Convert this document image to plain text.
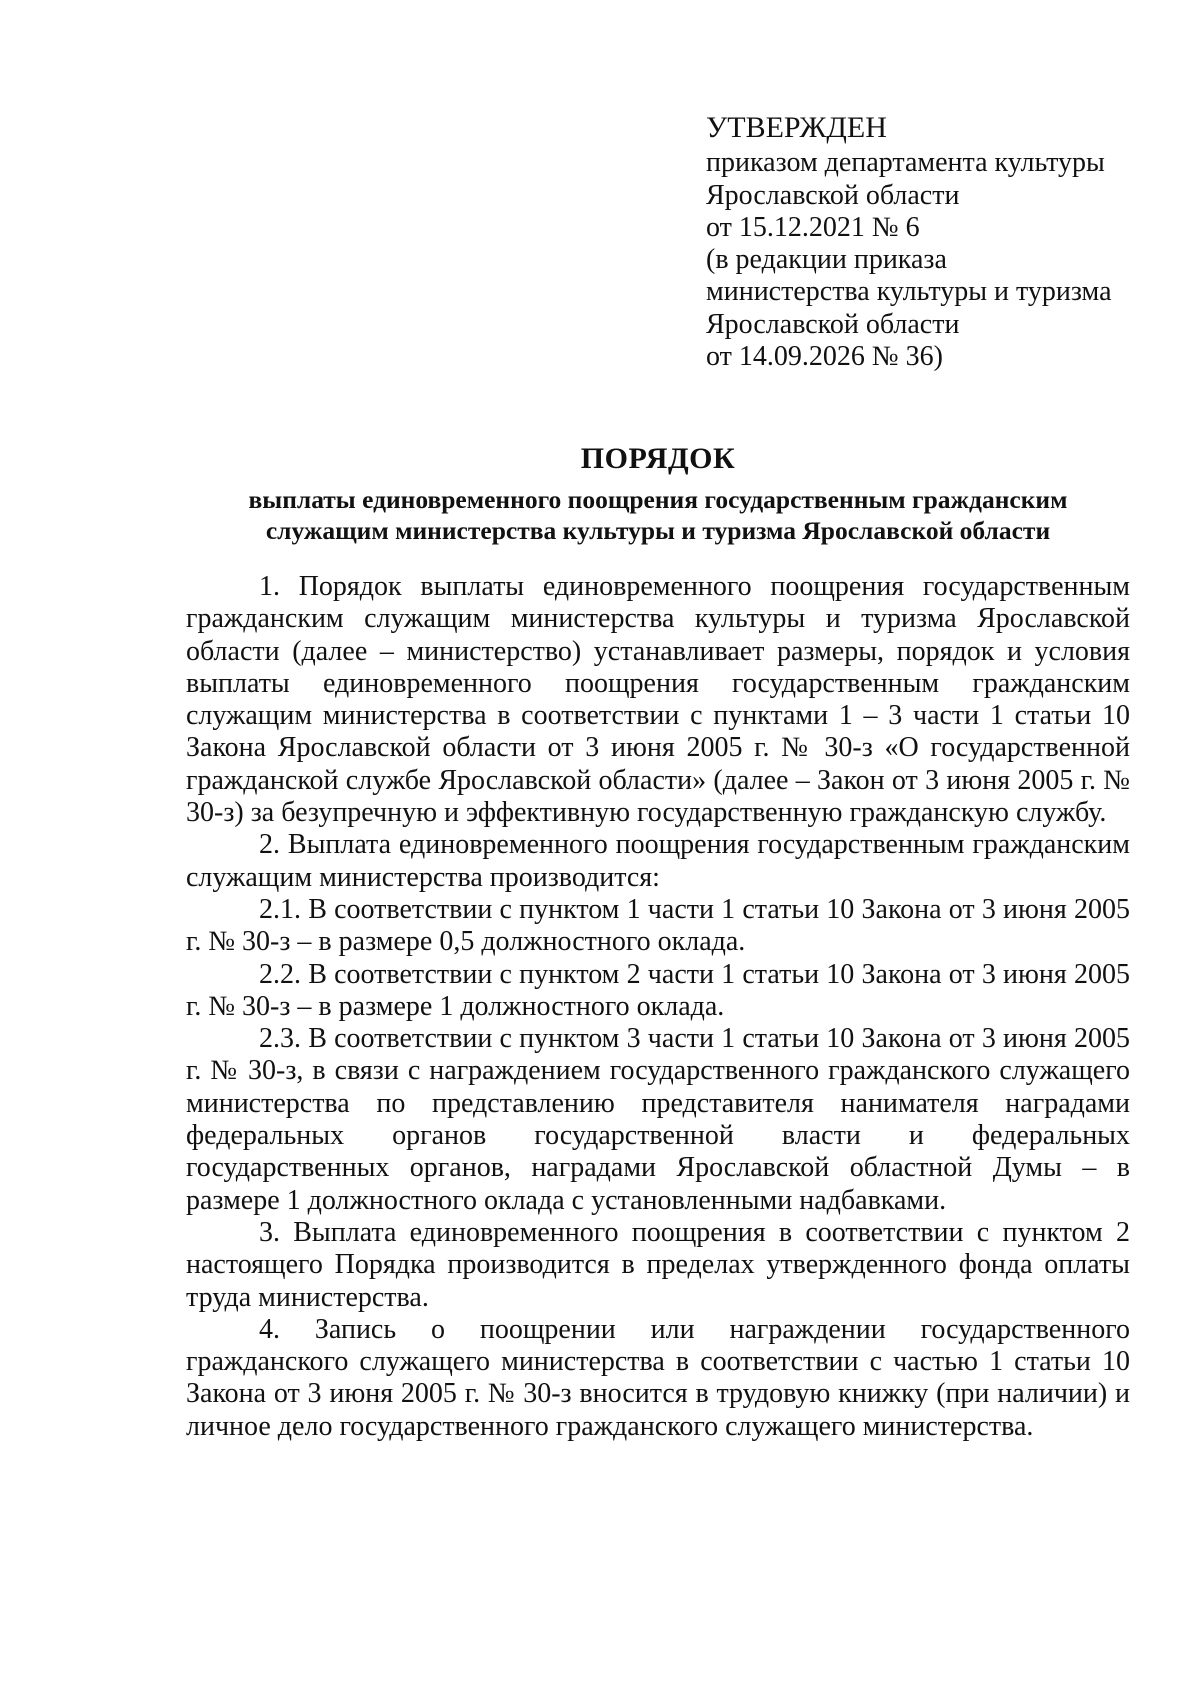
УТВЕРЖДЕН
приказом департамента культуры
Ярославской области
от 15.12.2021 № 6
(в редакции приказа
министерства культуры и туризма
Ярославской области
от 14.09.2026 № 36)
ПОРЯДОК
выплаты единовременного поощрения государственным гражданским
служащим министерства культуры и туризма Ярославской области

1. Порядок выплаты единовременного поощрения государственным гражданским служащим министерства культуры и туризма Ярославской области (далее – министерство) устанавливает размеры, порядок и условия выплаты единовременного поощрения государственным гражданским служащим министерства в соответствии с пунктами 1 – 3 части 1 статьи 10 Закона Ярославской области от 3 июня 2005 г. № 30-з «О государственной гражданской службе Ярославской области» (далее – Закон от 3 июня 2005 г. № 30-з) за безупречную и эффективную государственную гражданскую службу.

2. Выплата единовременного поощрения государственным гражданским служащим министерства производится:

2.1. В соответствии с пунктом 1 части 1 статьи 10 Закона от 3 июня 2005 г. № 30-з – в размере 0,5 должностного оклада.

2.2. В соответствии с пунктом 2 части 1 статьи 10 Закона от 3 июня 2005 г. № 30-з – в размере 1 должностного оклада.

2.3. В соответствии с пунктом 3 части 1 статьи 10 Закона от 3 июня 2005 г. № 30-з, в связи с награждением государственного гражданского служащего министерства по представлению представителя нанимателя наградами федеральных органов государственной власти и федеральных государственных органов, наградами Ярославской областной Думы – в размере 1 должностного оклада с установленными надбавками.

3. Выплата единовременного поощрения в соответствии с пунктом 2 настоящего Порядка производится в пределах утвержденного фонда оплаты труда министерства.

4. Запись о поощрении или награждении государственного гражданского служащего министерства в соответствии с частью 1 статьи 10 Закона от 3 июня 2005 г. № 30-з вносится в трудовую книжку (при наличии) и личное дело государственного гражданского служащего министерства.
